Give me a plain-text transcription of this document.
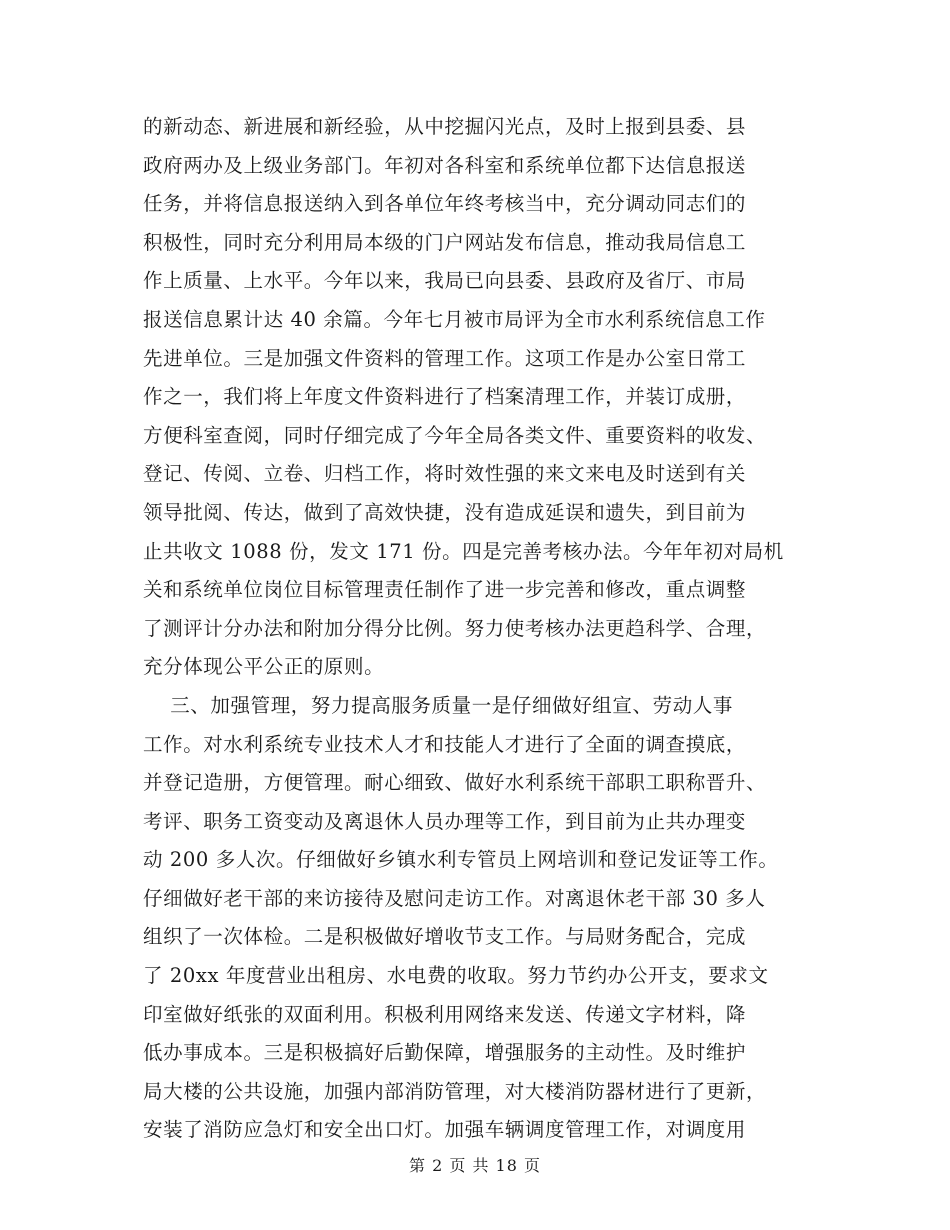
的新动态、新进展和新经验，从中挖掘闪光点，及时上报到县委、县
政府两办及上级业务部门。年初对各科室和系统单位都下达信息报送
任务，并将信息报送纳入到各单位年终考核当中，充分调动同志们的
积极性，同时充分利用局本级的门户网站发布信息，推动我局信息工
作上质量、上水平。今年以来，我局已向县委、县政府及省厅、市局
报送信息累计达 40 余篇。今年七月被市局评为全市水利系统信息工作
先进单位。三是加强文件资料的管理工作。这项工作是办公室日常工
作之一，我们将上年度文件资料进行了档案清理工作，并装订成册，
方便科室查阅，同时仔细完成了今年全局各类文件、重要资料的收发、
登记、传阅、立卷、归档工作，将时效性强的来文来电及时送到有关
领导批阅、传达，做到了高效快捷，没有造成延误和遗失，到目前为
止共收文 1088 份，发文 171 份。四是完善考核办法。今年年初对局机
关和系统单位岗位目标管理责任制作了进一步完善和修改，重点调整
了测评计分办法和附加分得分比例。努力使考核办法更趋科学、合理，
充分体现公平公正的原则。
三、加强管理，努力提高服务质量一是仔细做好组宣、劳动人事
工作。对水利系统专业技术人才和技能人才进行了全面的调查摸底，
并登记造册，方便管理。耐心细致、做好水利系统干部职工职称晋升、
考评、职务工资变动及离退休人员办理等工作，到目前为止共办理变
动 200 多人次。仔细做好乡镇水利专管员上网培训和登记发证等工作。
仔细做好老干部的来访接待及慰问走访工作。对离退休老干部 30 多人
组织了一次体检。二是积极做好增收节支工作。与局财务配合，完成
了 20xx 年度营业出租房、水电费的收取。努力节约办公开支，要求文
印室做好纸张的双面利用。积极利用网络来发送、传递文字材料，降
低办事成本。三是积极搞好后勤保障，增强服务的主动性。及时维护
局大楼的公共设施，加强内部消防管理，对大楼消防器材进行了更新，
安装了消防应急灯和安全出口灯。加强车辆调度管理工作，对调度用
第 2 页 共 18 页
